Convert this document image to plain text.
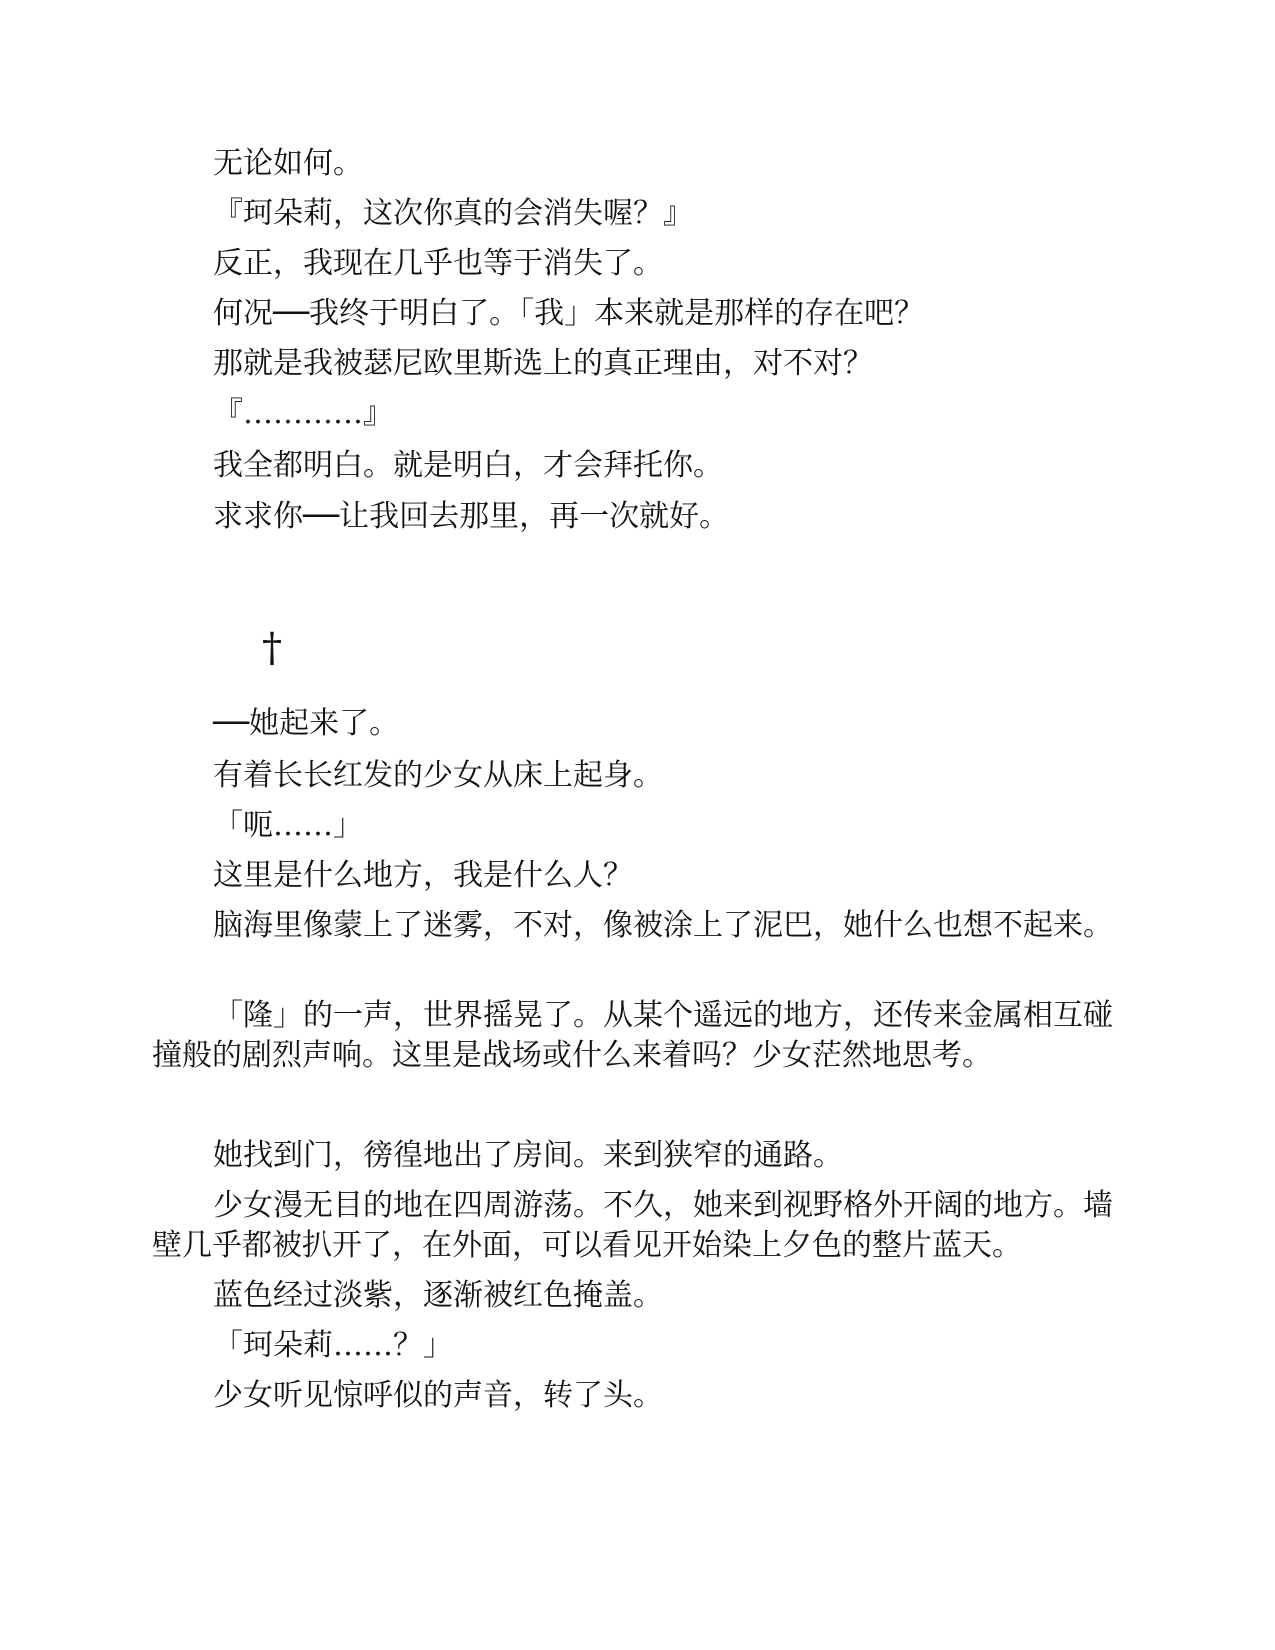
无论如何。
『珂朵莉，这次你真的会消失喔？』
反正，我现在几乎也等于消失了。
何况──我终于明白了。「我」本来就是那样的存在吧？
那就是我被瑟尼欧里斯选上的真正理由，对不对？
『…………』
我全都明白。就是明白，才会拜托你。
求求你──让我回去那里，再一次就好。
†
──她起来了。
有着长长红发的少女从床上起身。
「呃……」
这里是什么地方，我是什么人？
脑海里像蒙上了迷雾，不对，像被涂上了泥巴，她什么也想不起来。
「隆」的一声，世界摇晃了。从某个遥远的地方，还传来金属相互碰撞般的剧烈声响。这里是战场或什么来着吗？少女茫然地思考。
她找到门，徬徨地出了房间。来到狭窄的通路。
少女漫无目的地在四周游荡。不久，她来到视野格外开阔的地方。墙壁几乎都被扒开了，在外面，可以看见开始染上夕色的整片蓝天。
蓝色经过淡紫，逐渐被红色掩盖。
「珂朵莉……？」
少女听见惊呼似的声音，转了头。
